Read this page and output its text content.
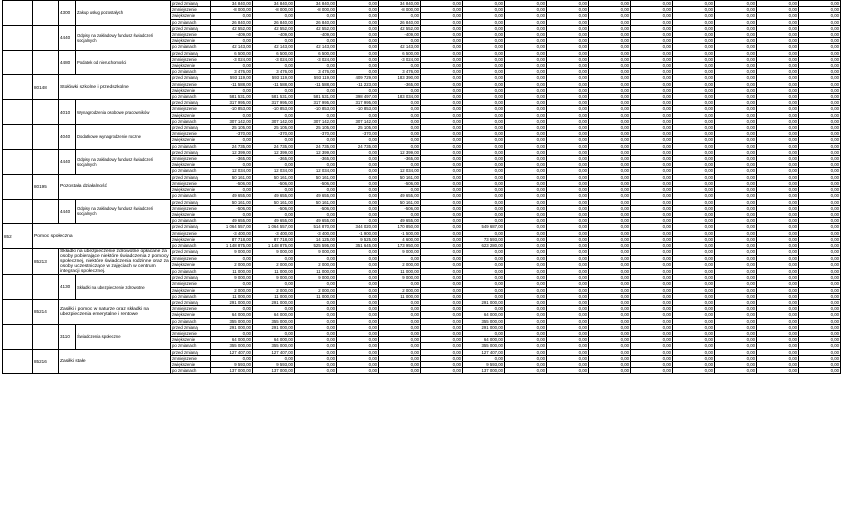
		4300	Zakup usług pozostałych	przed zmianą	34 840,00	34 840,00	34 840,00	0,00	34 840,00	0,00	0,00	0,00	0,00	0,00	0,00	0,00	0,00	0,00	0,00
				zmniejszenie	-8 000,00	-8 000,00	-8 000,00	0,00	-8 000,00	0,00	0,00	0,00	0,00	0,00	0,00	0,00	0,00	0,00	0,00
				zwiększenie	0,00	0,00	0,00	0,00	0,00	0,00	0,00	0,00	0,00	0,00	0,00	0,00	0,00	0,00	0,00
				po zmianach	26 840,00	26 840,00	26 840,00	0,00	26 840,00	0,00	0,00	0,00	0,00	0,00	0,00	0,00	0,00	0,00	0,00
		4440	Odpisy na zakładowy fundusz świadczeń socjalnych	przed zmianą	42 552,00	42 552,00	42 552,00	0,00	42 552,00	0,00	0,00	0,00	0,00	0,00	0,00	0,00	0,00	0,00	0,00
				zmniejszenie	-409,00	-409,00	-409,00	0,00	-409,00	0,00	0,00	0,00	0,00	0,00	0,00	0,00	0,00	0,00	0,00
				zwiększenie	0,00	0,00	0,00	0,00	0,00	0,00	0,00	0,00	0,00	0,00	0,00	0,00	0,00	0,00	0,00
				po zmianach	42 143,00	42 143,00	42 143,00	0,00	42 143,00	0,00	0,00	0,00	0,00	0,00	0,00	0,00	0,00	0,00	0,00
		4480	Podatek od nieruchomości	przed zmianą	6 500,00	6 500,00	6 500,00	0,00	6 500,00	0,00	0,00	0,00	0,00	0,00	0,00	0,00	0,00	0,00	0,00
				zmniejszenie	-3 024,00	-3 024,00	-3 024,00	0,00	-3 024,00	0,00	0,00	0,00	0,00	0,00	0,00	0,00	0,00	0,00	0,00
				zwiększenie	0,00	0,00	0,00	0,00	0,00	0,00	0,00	0,00	0,00	0,00	0,00	0,00	0,00	0,00	0,00
				po zmianach	3 476,00	3 476,00	3 476,00	0,00	3 476,00	0,00	0,00	0,00	0,00	0,00	0,00	0,00	0,00	0,00	0,00
	80148	Stołówki szkolne i przedszkolne		przed zmianą	593 119,00	593 119,00	593 119,00	409 729,00	183 390,00	0,00	0,00	0,00	0,00	0,00	0,00	0,00	0,00	0,00	0,00
				zmniejszenie	-11 588,00	-11 588,00	-11 588,00	-11 223,00	-365,00	0,00	0,00	0,00	0,00	0,00	0,00	0,00	0,00	0,00	0,00
				zwiększenie	0,00	0,00	0,00	0,00	0,00	0,00	0,00	0,00	0,00	0,00	0,00	0,00	0,00	0,00	0,00
				po zmianach	581 531,00	581 531,00	581 531,00	398 497,00	183 034,00	0,00	0,00	0,00	0,00	0,00	0,00	0,00	0,00	0,00	0,00
		4010	Wynagrodzenia osobowe pracowników	przed zmianą	317 995,00	317 995,00	317 995,00	317 995,00	0,00	0,00	0,00	0,00	0,00	0,00	0,00	0,00	0,00	0,00	0,00
				zmniejszenie	-10 853,00	-10 853,00	-10 853,00	-10 853,00	0,00	0,00	0,00	0,00	0,00	0,00	0,00	0,00	0,00	0,00	0,00
				zwiększenie	0,00	0,00	0,00	0,00	0,00	0,00	0,00	0,00	0,00	0,00	0,00	0,00	0,00	0,00	0,00
				po zmianach	307 142,00	307 142,00	307 142,00	307 142,00	0,00	0,00	0,00	0,00	0,00	0,00	0,00	0,00	0,00	0,00	0,00
		4040	Dodatkowe wynagrodzenie roczne	przed zmianą	25 105,00	25 105,00	25 105,00	25 105,00	0,00	0,00	0,00	0,00	0,00	0,00	0,00	0,00	0,00	0,00	0,00
				zmniejszenie	-370,00	-370,00	-370,00	-370,00	0,00	0,00	0,00	0,00	0,00	0,00	0,00	0,00	0,00	0,00	0,00
				zwiększenie	0,00	0,00	0,00	0,00	0,00	0,00	0,00	0,00	0,00	0,00	0,00	0,00	0,00	0,00	0,00
				po zmianach	24 735,00	24 735,00	24 735,00	24 735,00	0,00	0,00	0,00	0,00	0,00	0,00	0,00	0,00	0,00	0,00	0,00
		4440	Odpisy na zakładowy fundusz świadczeń socjalnych	przed zmianą	12 399,00	12 399,00	12 399,00	0,00	12 399,00	0,00	0,00	0,00	0,00	0,00	0,00	0,00	0,00	0,00	0,00
				zmniejszenie	-365,00	-365,00	-365,00	0,00	-365,00	0,00	0,00	0,00	0,00	0,00	0,00	0,00	0,00	0,00	0,00
				zwiększenie	0,00	0,00	0,00	0,00	0,00	0,00	0,00	0,00	0,00	0,00	0,00	0,00	0,00	0,00	0,00
				po zmianach	12 034,00	12 034,00	12 034,00	0,00	12 034,00	0,00	0,00	0,00	0,00	0,00	0,00	0,00	0,00	0,00	0,00
	80195	Pozostała działalność		przed zmianą	50 161,00	50 161,00	50 161,00	0,00	50 161,00	0,00	0,00	0,00	0,00	0,00	0,00	0,00	0,00	0,00	0,00
				zmniejszenie	-506,00	-506,00	-506,00	0,00	-506,00	0,00	0,00	0,00	0,00	0,00	0,00	0,00	0,00	0,00	0,00
				zwiększenie	0,00	0,00	0,00	0,00	0,00	0,00	0,00	0,00	0,00	0,00	0,00	0,00	0,00	0,00	0,00
				po zmianach	49 655,00	49 655,00	49 655,00	0,00	49 655,00	0,00	0,00	0,00	0,00	0,00	0,00	0,00	0,00	0,00	0,00
		4440	Odpisy na zakładowy fundusz świadczeń socjalnych	przed zmianą	50 161,00	50 161,00	50 161,00	0,00	50 161,00	0,00	0,00	0,00	0,00	0,00	0,00	0,00	0,00	0,00	0,00
				zmniejszenie	-506,00	-506,00	-506,00	0,00	-506,00	0,00	0,00	0,00	0,00	0,00	0,00	0,00	0,00	0,00	0,00
				zwiększenie	0,00	0,00	0,00	0,00	0,00	0,00	0,00	0,00	0,00	0,00	0,00	0,00	0,00	0,00	0,00
				po zmianach	49 655,00	49 655,00	49 655,00	0,00	49 655,00	0,00	0,00	0,00	0,00	0,00	0,00	0,00	0,00	0,00	0,00
852	Pomoc społeczna			przed zmianą	1 064 557,00	1 064 557,00	514 870,00	344 020,00	170 850,00	0,00	549 687,00	0,00	0,00	0,00	0,00	0,00	0,00	0,00	0,00
				zmniejszenie	-3 400,00	-3 400,00	-3 400,00	-1 900,00	-1 500,00	0,00	0,00	0,00	0,00	0,00	0,00	0,00	0,00	0,00	0,00
				zwiększenie	87 718,00	87 718,00	14 125,00	9 525,00	4 600,00	0,00	73 593,00	0,00	0,00	0,00	0,00	0,00	0,00	0,00	0,00
				po zmianach	1 148 875,00	1 148 875,00	525 595,00	351 645,00	173 950,00	0,00	623 280,00	0,00	0,00	0,00	0,00	0,00	0,00	0,00	0,00
	85213	Składki na ubezpieczenie zdrowotne opłacane za osoby pobierające niektóre świadczenia z pomocy społecznej, niektóre świadczenia rodzinne oraz za osoby uczestniczące w zajęciach w centrum integracji społecznej.		przed zmianą	9 000,00	9 000,00	9 000,00	0,00	9 000,00	0,00	0,00	0,00	0,00	0,00	0,00	0,00	0,00	0,00	0,00
				zmniejszenie	0,00	0,00	0,00	0,00	0,00	0,00	0,00	0,00	0,00	0,00	0,00	0,00	0,00	0,00	0,00
				zwiększenie	2 000,00	2 000,00	2 000,00	0,00	2 000,00	0,00	0,00	0,00	0,00	0,00	0,00	0,00	0,00	0,00	0,00
				po zmianach	11 000,00	11 000,00	11 000,00	0,00	11 000,00	0,00	0,00	0,00	0,00	0,00	0,00	0,00	0,00	0,00	0,00
		4130	Składki na ubezpieczenie zdrowotne	przed zmianą	9 000,00	9 000,00	9 000,00	0,00	9 000,00	0,00	0,00	0,00	0,00	0,00	0,00	0,00	0,00	0,00	0,00
				zmniejszenie	0,00	0,00	0,00	0,00	0,00	0,00	0,00	0,00	0,00	0,00	0,00	0,00	0,00	0,00	0,00
				zwiększenie	2 000,00	2 000,00	2 000,00	0,00	2 000,00	0,00	0,00	0,00	0,00	0,00	0,00	0,00	0,00	0,00	0,00
				po zmianach	11 000,00	11 000,00	11 000,00	0,00	11 000,00	0,00	0,00	0,00	0,00	0,00	0,00	0,00	0,00	0,00	0,00
	85214	Zasiłki i pomoc w naturze oraz składki na ubezpieczenia emerytalne i rentowe		przed zmianą	291 000,00	291 000,00	0,00	0,00	0,00	0,00	291 000,00	0,00	0,00	0,00	0,00	0,00	0,00	0,00	0,00
				zmniejszenie	0,00	0,00	0,00	0,00	0,00	0,00	0,00	0,00	0,00	0,00	0,00	0,00	0,00	0,00	0,00
				zwiększenie	64 000,00	64 000,00	0,00	0,00	0,00	0,00	64 000,00	0,00	0,00	0,00	0,00	0,00	0,00	0,00	0,00
				po zmianach	355 000,00	355 000,00	0,00	0,00	0,00	0,00	355 000,00	0,00	0,00	0,00	0,00	0,00	0,00	0,00	0,00
		3110	Świadczenia społeczne	przed zmianą	291 000,00	291 000,00	0,00	0,00	0,00	0,00	291 000,00	0,00	0,00	0,00	0,00	0,00	0,00	0,00	0,00
				zmniejszenie	0,00	0,00	0,00	0,00	0,00	0,00	0,00	0,00	0,00	0,00	0,00	0,00	0,00	0,00	0,00
				zwiększenie	64 000,00	64 000,00	0,00	0,00	0,00	0,00	64 000,00	0,00	0,00	0,00	0,00	0,00	0,00	0,00	0,00
				po zmianach	355 000,00	355 000,00	0,00	0,00	0,00	0,00	355 000,00	0,00	0,00	0,00	0,00	0,00	0,00	0,00	0,00
	85216	Zasiłki stałe		przed zmianą	127 407,00	127 407,00	0,00	0,00	0,00	0,00	127 407,00	0,00	0,00	0,00	0,00	0,00	0,00	0,00	0,00
				zmniejszenie	0,00	0,00	0,00	0,00	0,00	0,00	0,00	0,00	0,00	0,00	0,00	0,00	0,00	0,00	0,00
				zwiększenie	9 593,00	9 593,00	0,00	0,00	0,00	0,00	9 593,00	0,00	0,00	0,00	0,00	0,00	0,00	0,00	0,00
				po zmianach	137 000,00	137 000,00	0,00	0,00	0,00	0,00	137 000,00	0,00	0,00	0,00	0,00	0,00	0,00	0,00	0,00
